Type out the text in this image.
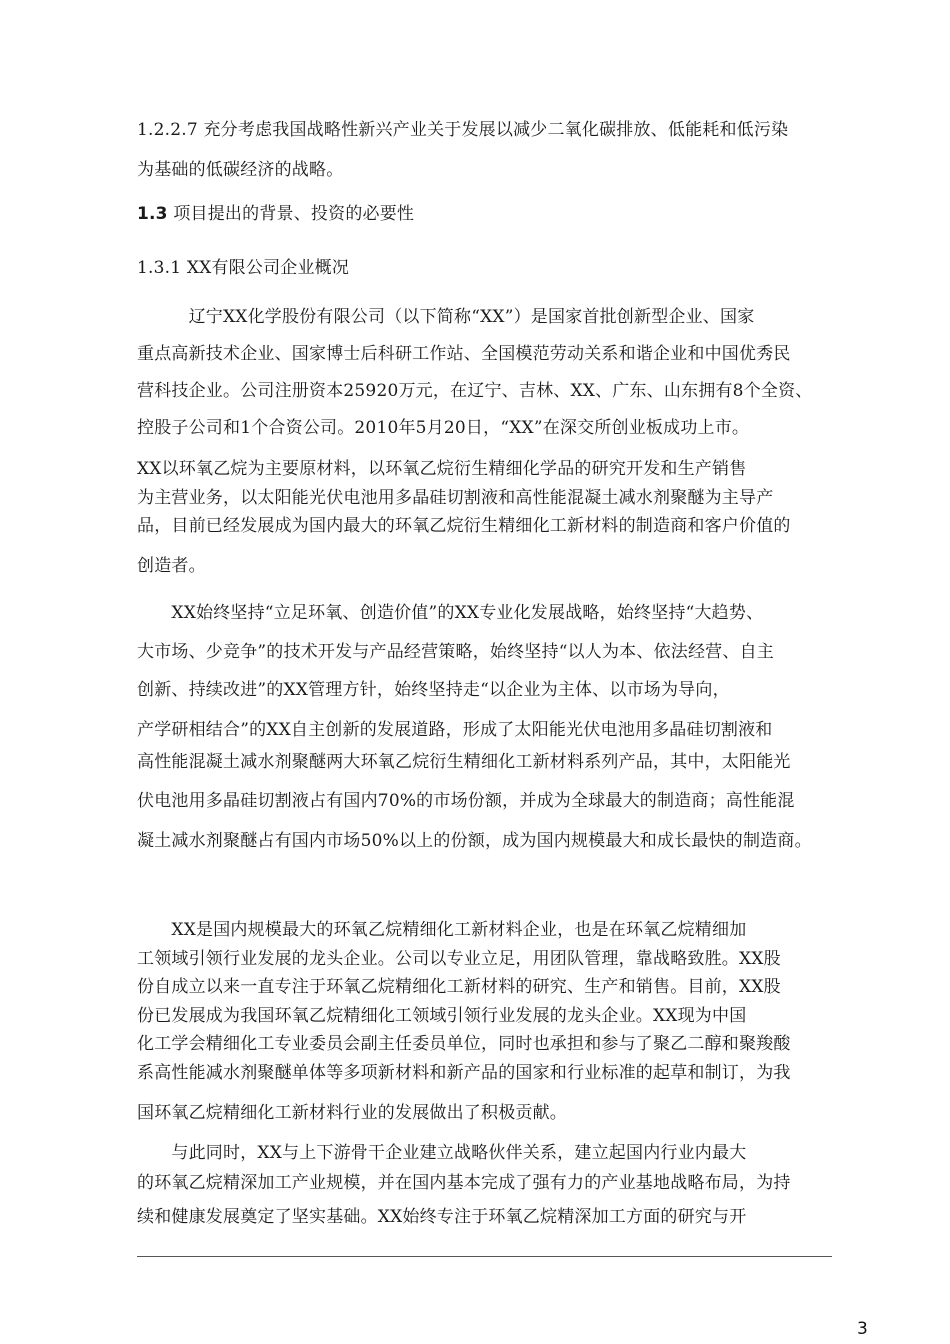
1.2.2.7 充分考虑我国战略性新兴产业关于发展以减少二氧化碳排放、低能耗和低污染
为基础的低碳经济的战略。
1.3 项目提出的背景、投资的必要性
1.3.1 XX有限公司企业概况
　　　辽宁XX化学股份有限公司（以下简称“XX”）是国家首批创新型企业、国家
重点高新技术企业、国家博士后科研工作站、全国模范劳动关系和谐企业和中国优秀民
营科技企业。公司注册资本25920万元，在辽宁、吉林、XX、广东、山东拥有8个全资、
控股子公司和1个合资公司。2010年5月20日，“XX”在深交所创业板成功上市。
XX以环氧乙烷为主要原材料，以环氧乙烷衍生精细化学品的研究开发和生产销售
为主营业务，以太阳能光伏电池用多晶硅切割液和高性能混凝土减水剂聚醚为主导产
品，目前已经发展成为国内最大的环氧乙烷衍生精细化工新材料的制造商和客户价值的
创造者。
　　XX始终坚持“立足环氧、创造价值”的XX专业化发展战略，始终坚持“大趋势、
大市场、少竞争”的技术开发与产品经营策略，始终坚持“以人为本、依法经营、自主
创新、持续改进”的XX管理方针，始终坚持走“以企业为主体、以市场为导向，
产学研相结合”的XX自主创新的发展道路，形成了太阳能光伏电池用多晶硅切割液和
高性能混凝土减水剂聚醚两大环氧乙烷衍生精细化工新材料系列产品，其中，太阳能光
伏电池用多晶硅切割液占有国内70%的市场份额，并成为全球最大的制造商；高性能混
凝土减水剂聚醚占有国内市场50%以上的份额，成为国内规模最大和成长最快的制造商。
　　XX是国内规模最大的环氧乙烷精细化工新材料企业，也是在环氧乙烷精细加
工领域引领行业发展的龙头企业。公司以专业立足，用团队管理，靠战略致胜。XX股
份自成立以来一直专注于环氧乙烷精细化工新材料的研究、生产和销售。目前，XX股
份已发展成为我国环氧乙烷精细化工领域引领行业发展的龙头企业。XX现为中国
化工学会精细化工专业委员会副主任委员单位，同时也承担和参与了聚乙二醇和聚羧酸
系高性能减水剂聚醚单体等多项新材料和新产品的国家和行业标准的起草和制订，为我
国环氧乙烷精细化工新材料行业的发展做出了积极贡献。
　　与此同时，XX与上下游骨干企业建立战略伙伴关系，建立起国内行业内最大
的环氧乙烷精深加工产业规模，并在国内基本完成了强有力的产业基地战略布局，为持
续和健康发展奠定了坚实基础。XX始终专注于环氧乙烷精深加工方面的研究与开
3
